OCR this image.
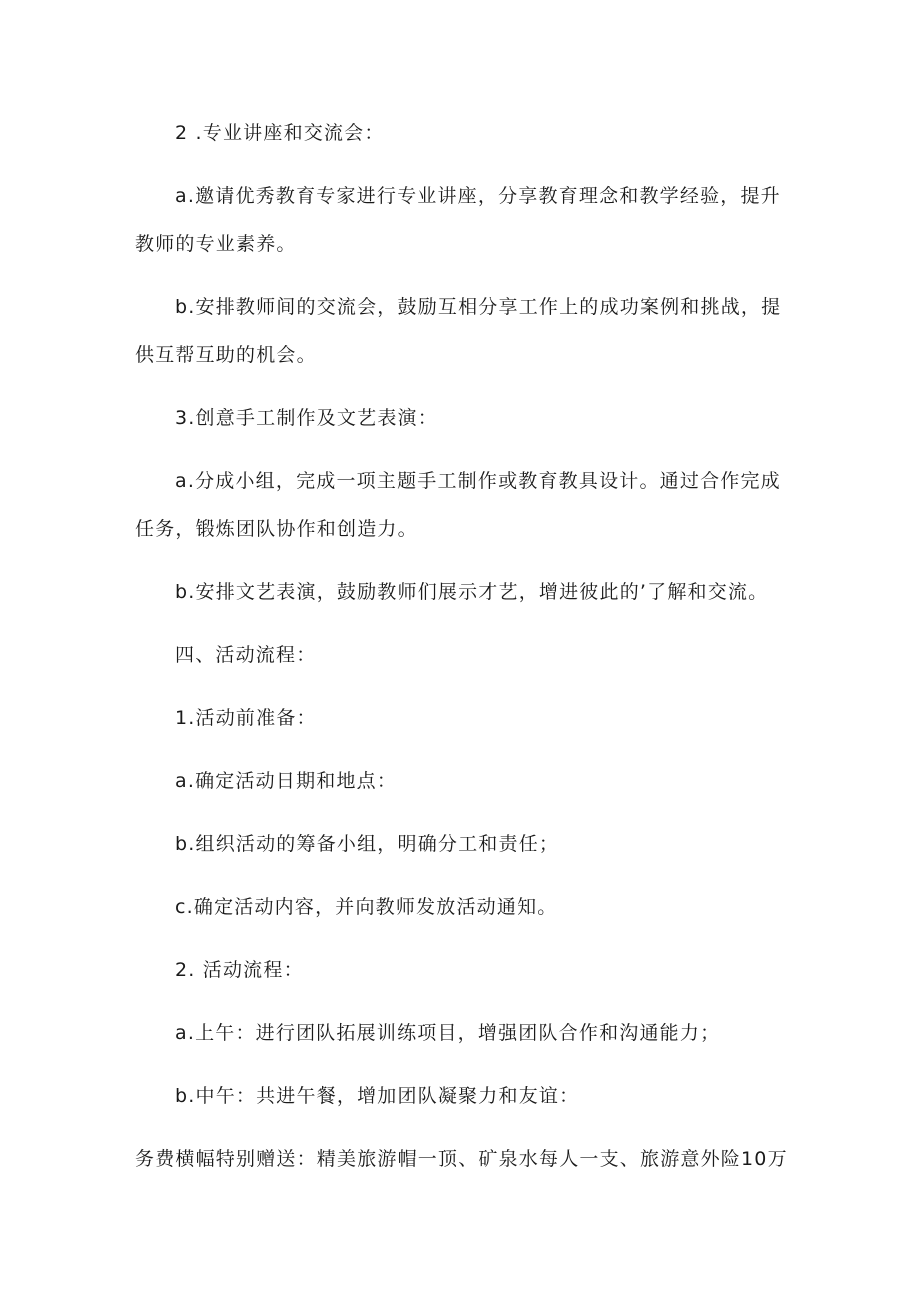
2 .专业讲座和交流会：
a.邀请优秀教育专家进行专业讲座，分享教育理念和教学经验，提升
教师的专业素养。
b.安排教师间的交流会，鼓励互相分享工作上的成功案例和挑战，提
供互帮互助的机会。
3.创意手工制作及文艺表演：
a.分成小组，完成一项主题手工制作或教育教具设计。通过合作完成
任务，锻炼团队协作和创造力。
b.安排文艺表演，鼓励教师们展示才艺，增进彼此的’了解和交流。
四、活动流程：
1.活动前准备：
a.确定活动日期和地点：
b.组织活动的筹备小组，明确分工和责任；
c.确定活动内容，并向教师发放活动通知。
2. 活动流程：
a.上午：进行团队拓展训练项目，增强团队合作和沟通能力；
b.中午：共进午餐，增加团队凝聚力和友谊：
务费横幅特别赠送：精美旅游帽一顶、矿泉水每人一支、旅游意外险10万
